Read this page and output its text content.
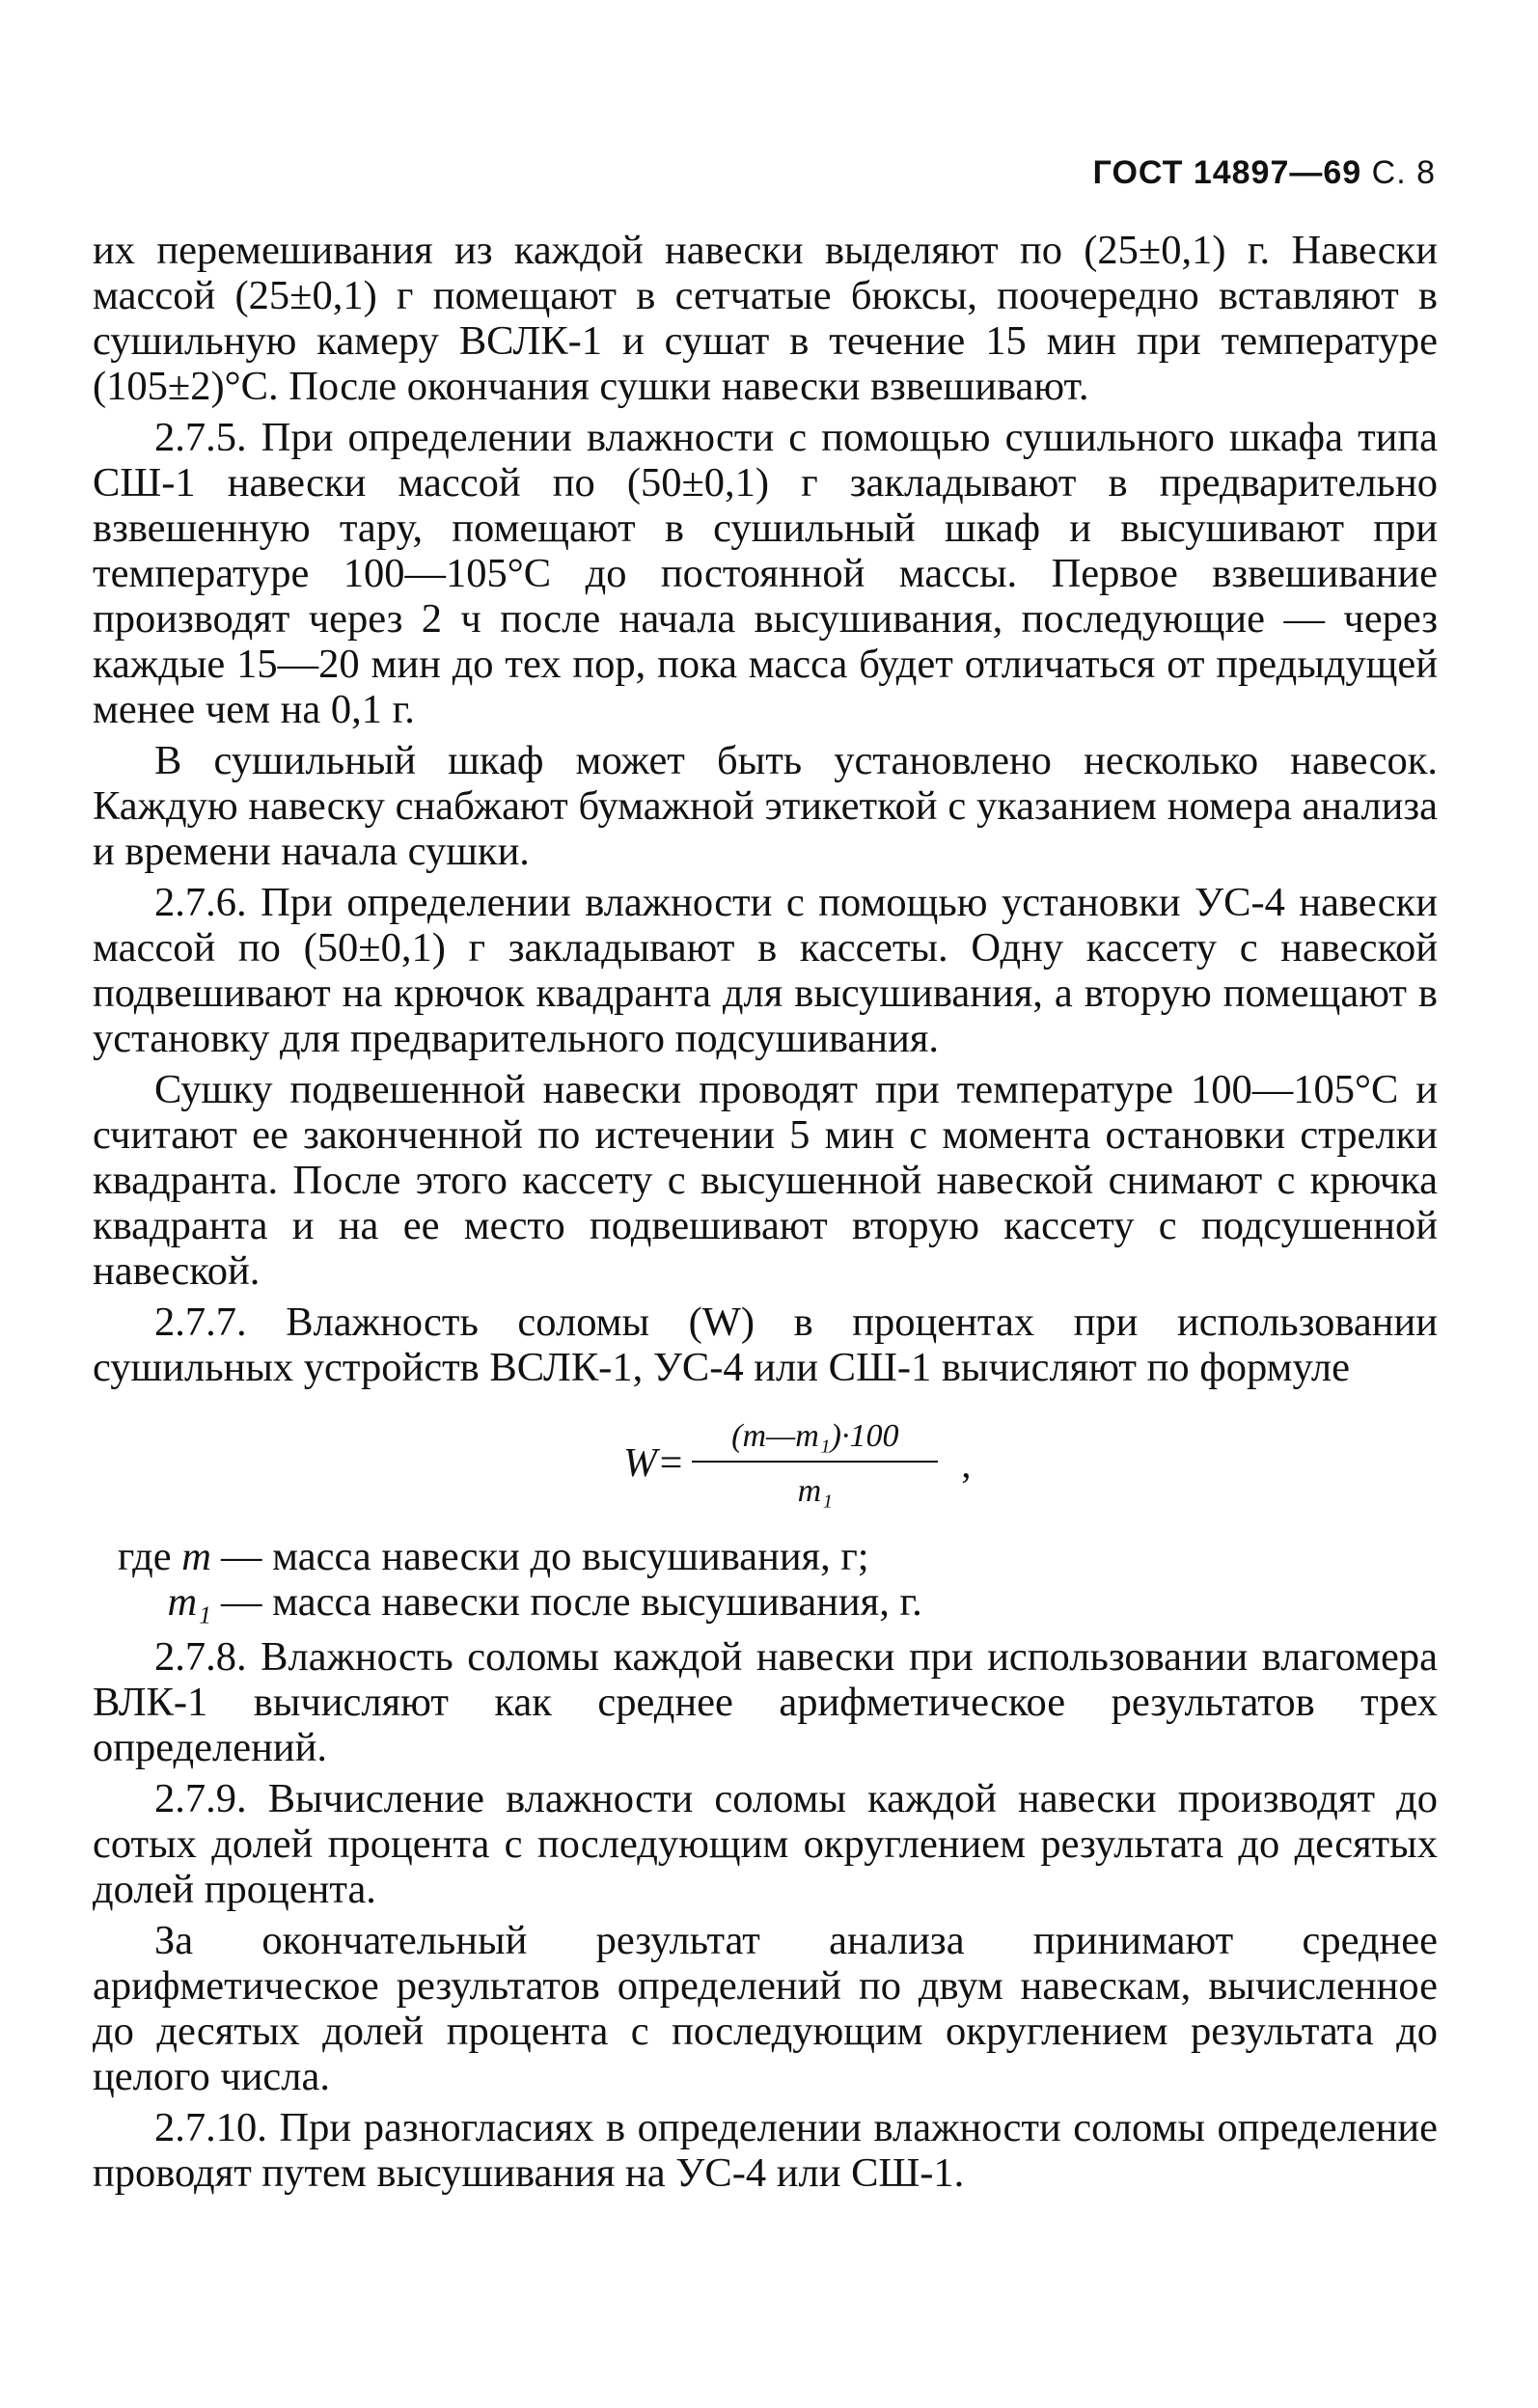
ГОСТ 14897—69 С. 8

их перемешивания из каждой навески выделяют по (25±0,1) г. Навески массой (25±0,1) г помещают в сетчатые бюксы, поочередно вставляют в сушильную камеру ВСЛК-1 и сушат в течение 15 мин при температуре (105±2)°С. После окончания сушки навески взвешивают.

2.7.5. При определении влажности с помощью сушильного шкафа типа СШ-1 навески массой по (50±0,1) г закладывают в предварительно взвешенную тару, помещают в сушильный шкаф и высушивают при температуре 100—105°С до постоянной массы. Первое взвешивание производят через 2 ч после начала высушивания, последующие — через каждые 15—20 мин до тех пор, пока масса будет отличаться от предыдущей менее чем на 0,1 г.

В сушильный шкаф может быть установлено несколько навесок. Каждую навеску снабжают бумажной этикеткой с указанием номера анализа и времени начала сушки.

2.7.6. При определении влажности с помощью установки УС-4 навески массой по (50±0,1) г закладывают в кассеты. Одну кассету с навеской подвешивают на крючок квадранта для высушивания, а вторую помещают в установку для предварительного подсушивания.

Сушку подвешенной навески проводят при температуре 100—105°С и считают ее законченной по истечении 5 мин с момента остановки стрелки квадранта. После этого кассету с высушенной навеской снимают с крючка квадранта и на ее место подвешивают вторую кассету с подсушенной навеской.

2.7.7. Влажность соломы (W) в процентах при использовании сушильных устройств ВСЛК-1, УС-4 или СШ-1 вычисляют по формуле

$W= \frac{\text{(m—m₁)·100}}{\text{m₁}}$ ,
где m — масса навески до высушивания, г;
m₁ — масса навески после высушивания, г.

2.7.8. Влажность соломы каждой навески при использовании влагомера ВЛК-1 вычисляют как среднее арифметическое результатов трех определений.

2.7.9. Вычисление влажности соломы каждой навески производят до сотых долей процента с последующим округлением результата до десятых долей процента.

За окончательный результат анализа принимают среднее арифметическое результатов определений по двум навескам, вычисленное до десятых долей процента с последующим округлением результата до целого числа.

2.7.10. При разногласиях в определении влажности соломы определение проводят путем высушивания на УС-4 или СШ-1.
